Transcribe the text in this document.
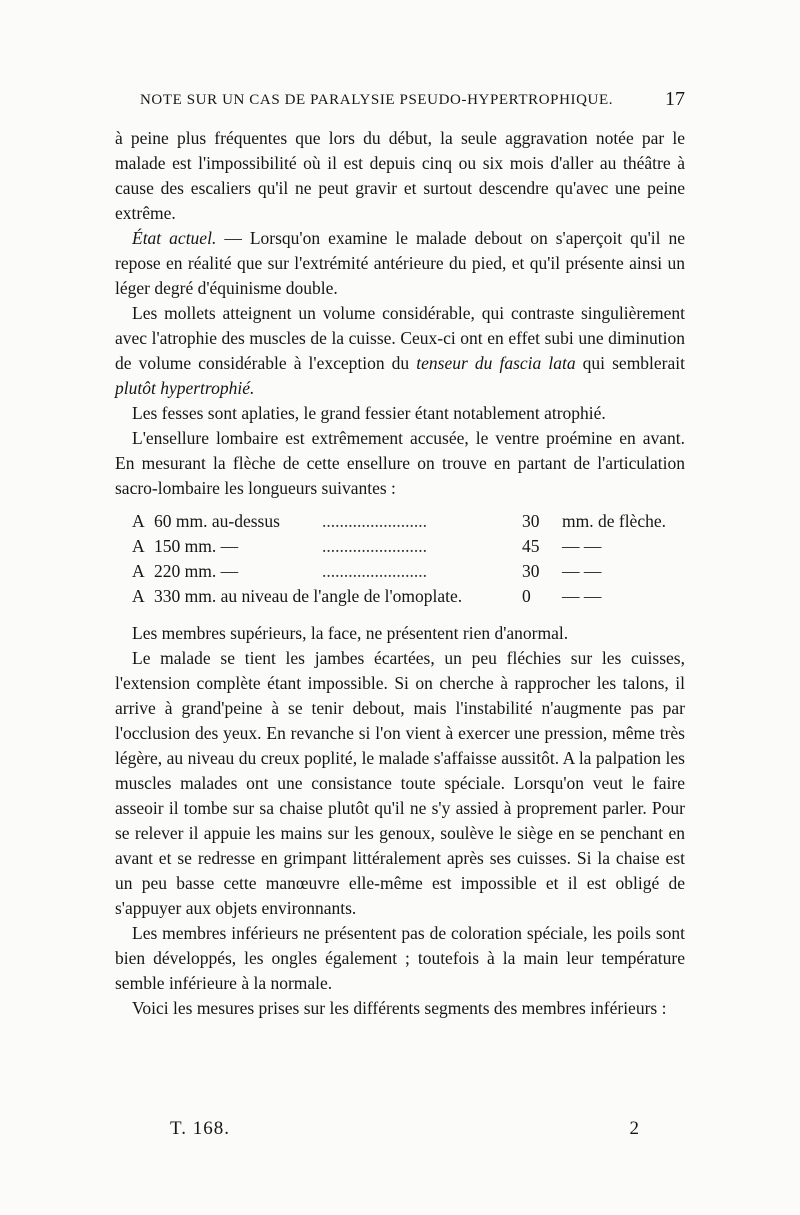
NOTE SUR UN CAS DE PARALYSIE PSEUDO-HYPERTROPHIQUE.	17

à peine plus fréquentes que lors du début, la seule aggravation notée par le malade est l'impossibilité où il est depuis cinq ou six mois d'aller au théâtre à cause des escaliers qu'il ne peut gravir et surtout descendre qu'avec une peine extrême.

État actuel. — Lorsqu'on examine le malade debout on s'aperçoit qu'il ne repose en réalité que sur l'extrémité antérieure du pied, et qu'il présente ainsi un léger degré d'équinisme double.

Les mollets atteignent un volume considérable, qui contraste singulièrement avec l'atrophie des muscles de la cuisse. Ceux-ci ont en effet subi une diminution de volume considérable à l'exception du tenseur du fascia lata qui semblerait plutôt hypertrophié.

Les fesses sont aplaties, le grand fessier étant notablement atrophié.

L'ensellure lombaire est extrêmement accusée, le ventre proémine en avant. En mesurant la flèche de cette ensellure on trouve en partant de l'articulation sacro-lombaire les longueurs suivantes :

A	60 mm. au-dessus	........................	30	mm. de flèche.
A	150 mm. —	........................	45	— —
A	220 mm. —	........................	30	— —
A	330 mm. au niveau de l'angle de l'omoplate.		0	— —

Les membres supérieurs, la face, ne présentent rien d'anormal.

Le malade se tient les jambes écartées, un peu fléchies sur les cuisses, l'extension complète étant impossible. Si on cherche à rapprocher les talons, il arrive à grand'peine à se tenir debout, mais l'instabilité n'augmente pas par l'occlusion des yeux. En revanche si l'on vient à exercer une pression, même très légère, au niveau du creux poplité, le malade s'affaisse aussitôt. A la palpation les muscles malades ont une consistance toute spéciale. Lorsqu'on veut le faire asseoir il tombe sur sa chaise plutôt qu'il ne s'y assied à proprement parler. Pour se relever il appuie les mains sur les genoux, soulève le siège en se penchant en avant et se redresse en grimpant littéralement après ses cuisses. Si la chaise est un peu basse cette manœuvre elle-même est impossible et il est obligé de s'appuyer aux objets environnants.

Les membres inférieurs ne présentent pas de coloration spéciale, les poils sont bien développés, les ongles également ; toutefois à la main leur température semble inférieure à la normale.

Voici les mesures prises sur les différents segments des membres inférieurs :

T. 168.	2
